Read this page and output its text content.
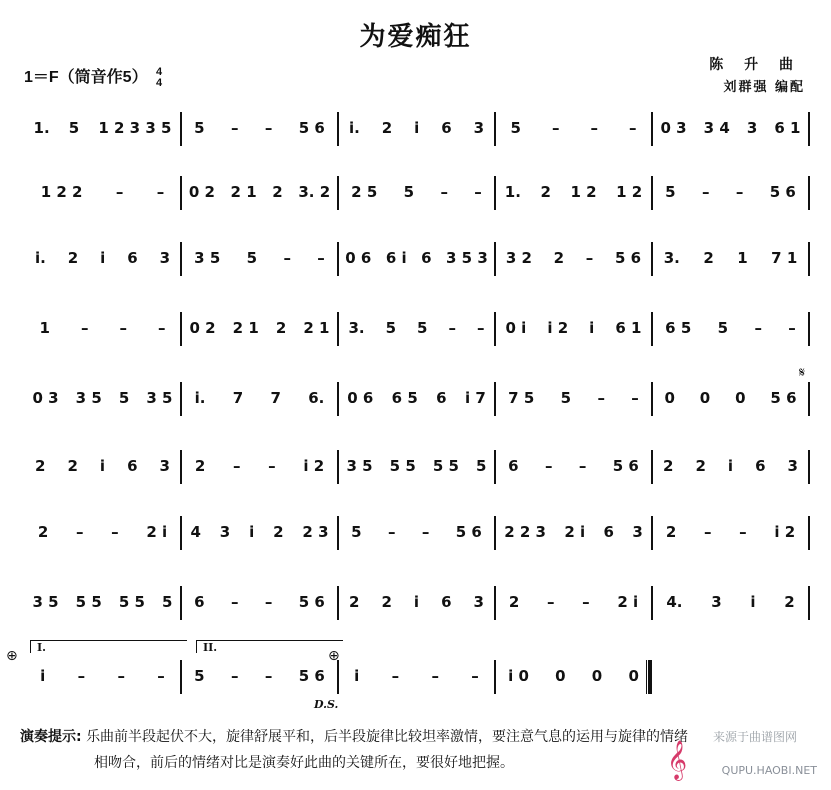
为爱痴狂
陈 升 曲
刘群强 编配
1＝F（筒音作5） 4
4
1. 5 1 2 3 3 5 5 – – 5 6 i. 2 i 6 3 5 – – – 0 3 3 4 3 6 1
1 2 2 – – 0 2 2 1 2 3. 2 2 5 5 – – 1. 2 1 2 1 2 5 – – 5 6
i. 2 i 6 3 3 5 5 – – 0 6 6 i 6 3 5 3 3 2 2 – 5 6 3. 2 1 7 1
1 – – – 0 2 2 1 2 2 1 3. 5 5 – – 0 i i 2 i 6 1 6 5 5 – –
0 3 3 5 5 3 5 i. 7 7 6. 0 6 6 5 6 i 7 7 5 5 – – 0 0 0 5 6
2 2 i 6 3 2 – – i 2 3 5 5 5 5 5 5 6 – – 5 6 2 2 i 6 3
2 – – 2 i 4 3 i 2 2 3 5 – – 5 6 2 2 3 2 i 6 3 2 – – i 2
3 5 5 5 5 5 5 6 – – 5 6 2 2 i 6 3 2 – – 2 i 4. 3 i 2
i – – – 5 – – 5 6 i – – – i 0 0 0 0
I.	II.
⊕	⊕
D.S.
𝄋
演奏提示: 乐曲前半段起伏不大，旋律舒展平和，后半段旋律比较坦率激情，要注意气息的运用与旋律的情绪
相吻合，前后的情绪对比是演奏好此曲的关键所在，要很好地把握。	𝄞
来源于曲谱图网
QUPU.HAOBI.NET
